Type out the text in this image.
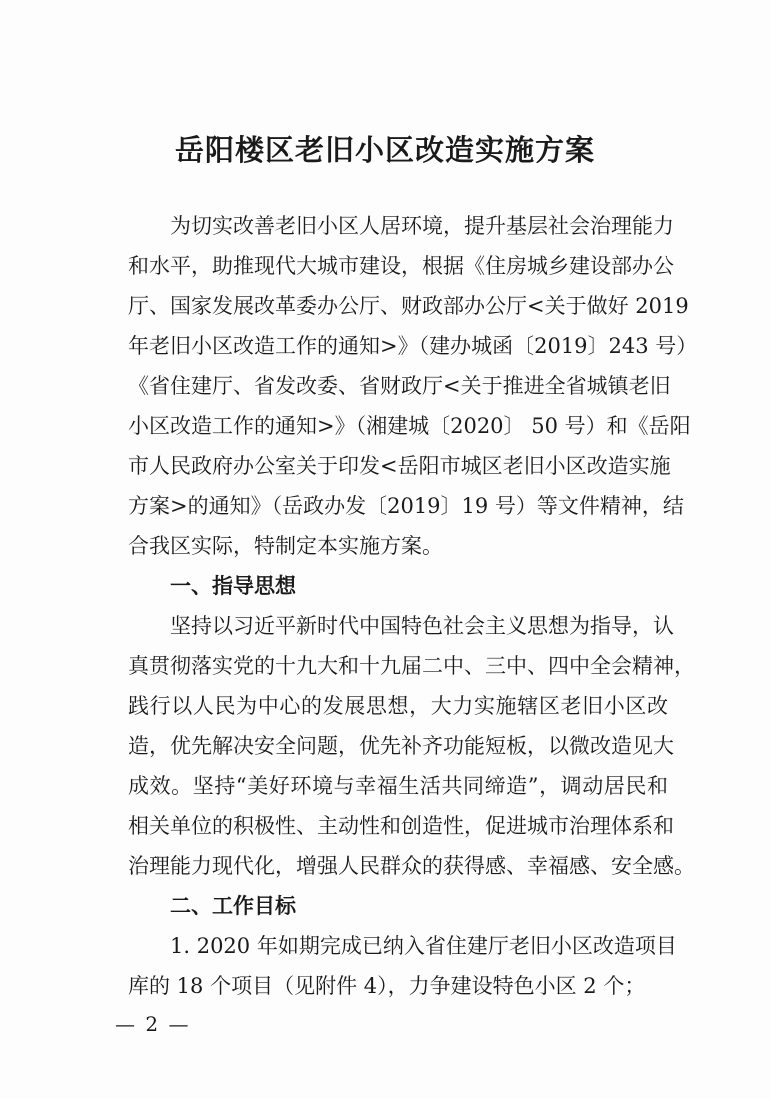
岳阳楼区老旧小区改造实施方案

为切实改善老旧小区人居环境，提升基层社会治理能力

和水平，助推现代大城市建设，根据《住房城乡建设部办公

厅、国家发展改革委办公厅、财政部办公厅<关于做好 2019

年老旧小区改造工作的通知>》（建办城函〔2019〕243 号）

《省住建厅、省发改委、省财政厅<关于推进全省城镇老旧

小区改造工作的通知>》（湘建城〔2020〕 50 号）和《岳阳

市人民政府办公室关于印发<岳阳市城区老旧小区改造实施

方案>的通知》（岳政办发〔2019〕19 号）等文件精神，结

合我区实际，特制定本实施方案。

一、指导思想

坚持以习近平新时代中国特色社会主义思想为指导，认

真贯彻落实党的十九大和十九届二中、三中、四中全会精神，

践行以人民为中心的发展思想，大力实施辖区老旧小区改

造，优先解决安全问题，优先补齐功能短板，以微改造见大

成效。坚持“美好环境与幸福生活共同缔造”，调动居民和

相关单位的积极性、主动性和创造性，促进城市治理体系和

治理能力现代化，增强人民群众的获得感、幸福感、安全感。

二、工作目标

1. 2020 年如期完成已纳入省住建厅老旧小区改造项目

库的 18 个项目（见附件 4），力争建设特色小区 2 个；

— 2 —
